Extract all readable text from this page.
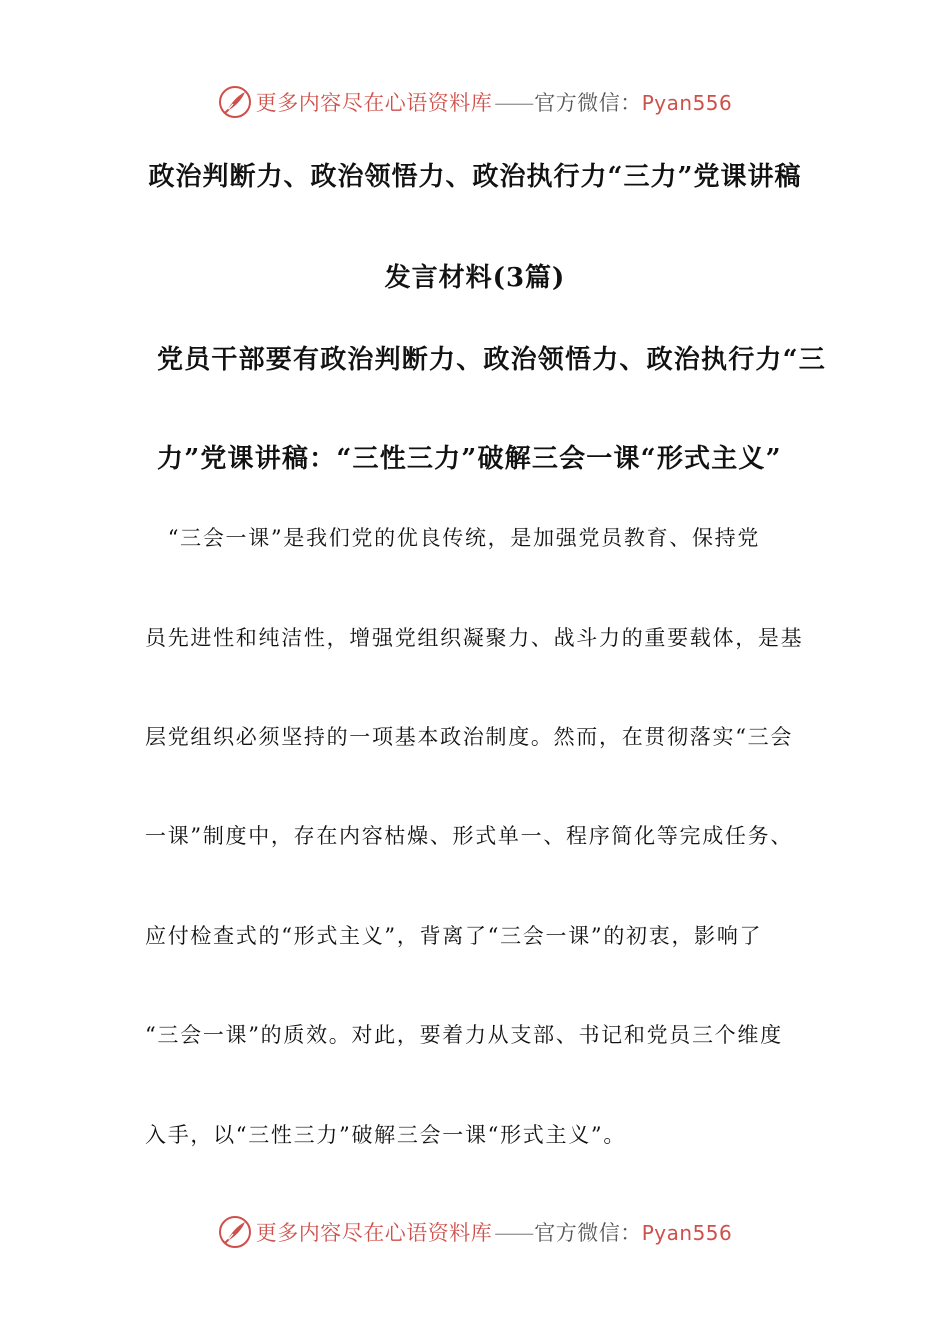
更多内容尽在心语资料库——官方微信：Pyan556
政治判断力、政治领悟力、政治执行力“三力”党课讲稿
发言材料(3篇)
党员干部要有政治判断力、政治领悟力、政治执行力“三
力”党课讲稿：“三性三力”破解三会一课“形式主义”
　“三会一课”是我们党的优良传统，是加强党员教育、保持党
员先进性和纯洁性，增强党组织凝聚力、战斗力的重要载体，是基
层党组织必须坚持的一项基本政治制度。然而，在贯彻落实“三会
一课”制度中，存在内容枯燥、形式单一、程序简化等完成任务、
应付检查式的“形式主义”，背离了“三会一课”的初衷，影响了
“三会一课”的质效。对此，要着力从支部、书记和党员三个维度
入手，以“三性三力”破解三会一课“形式主义”。
更多内容尽在心语资料库——官方微信：Pyan556
